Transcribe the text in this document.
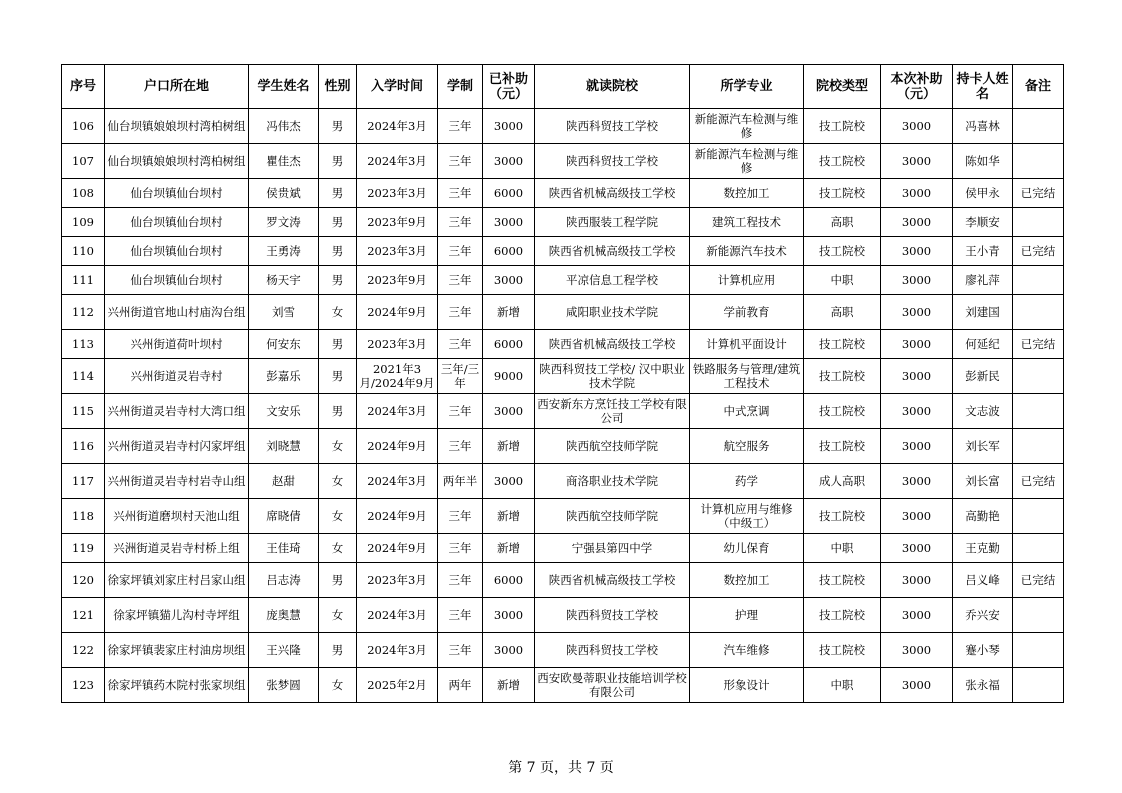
序号	户口所在地	学生姓名	性别	入学时间	学制	已补助（元）	就读院校	所学专业	院校类型	本次补助（元）	持卡人姓名	备注
106	仙台坝镇娘娘坝村湾柏树组	冯伟杰	男	2024年3月	三年	3000	陕西科贸技工学校	新能源汽车检测与维修	技工院校	3000	冯喜林	
107	仙台坝镇娘娘坝村湾柏树组	瞿佳杰	男	2024年3月	三年	3000	陕西科贸技工学校	新能源汽车检测与维修	技工院校	3000	陈如华	
108	仙台坝镇仙台坝村	侯贵斌	男	2023年3月	三年	6000	陕西省机械高级技工学校	数控加工	技工院校	3000	侯甲永	已完结
109	仙台坝镇仙台坝村	罗文涛	男	2023年9月	三年	3000	陕西服装工程学院	建筑工程技术	高职	3000	李顺安	
110	仙台坝镇仙台坝村	王勇涛	男	2023年3月	三年	6000	陕西省机械高级技工学校	新能源汽车技术	技工院校	3000	王小青	已完结
111	仙台坝镇仙台坝村	杨天宇	男	2023年9月	三年	3000	平凉信息工程学校	计算机应用	中职	3000	廖礼萍	
112	兴州街道官地山村庙沟台组	刘雪	女	2024年9月	三年	新增	咸阳职业技术学院	学前教育	高职	3000	刘建国	
113	兴州街道荷叶坝村	何安东	男	2023年3月	三年	6000	陕西省机械高级技工学校	计算机平面设计	技工院校	3000	何延纪	已完结
114	兴州街道灵岩寺村	彭嘉乐	男	2021年3月/2024年9月	三年/三年	9000	陕西科贸技工学校/ 汉中职业技术学院	铁路服务与管理/建筑工程技术	技工院校	3000	彭新民	
115	兴州街道灵岩寺村大湾口组	文安乐	男	2024年3月	三年	3000	西安新东方烹饪技工学校有限公司	中式烹调	技工院校	3000	文志波	
116	兴州街道灵岩寺村闪家坪组	刘晓慧	女	2024年9月	三年	新增	陕西航空技师学院	航空服务	技工院校	3000	刘长军	
117	兴州街道灵岩寺村岩寺山组	赵甜	女	2024年3月	两年半	3000	商洛职业技术学院	药学	成人高职	3000	刘长富	已完结
118	兴州街道磨坝村天池山组	席晓倩	女	2024年9月	三年	新增	陕西航空技师学院	计算机应用与维修（中级工）	技工院校	3000	高勤艳	
119	兴洲街道灵岩寺村桥上组	王佳琦	女	2024年9月	三年	新增	宁强县第四中学	幼儿保育	中职	3000	王克勤	
120	徐家坪镇刘家庄村吕家山组	吕志涛	男	2023年3月	三年	6000	陕西省机械高级技工学校	数控加工	技工院校	3000	吕义峰	已完结
121	徐家坪镇猫儿沟村寺坪组	庞奥慧	女	2024年3月	三年	3000	陕西科贸技工学校	护理	技工院校	3000	乔兴安	
122	徐家坪镇裴家庄村油房坝组	王兴隆	男	2024年3月	三年	3000	陕西科贸技工学校	汽车维修	技工院校	3000	蹇小琴	
123	徐家坪镇药木院村张家坝组	张梦圆	女	2025年2月	两年	新增	西安欧曼蒂职业技能培训学校有限公司	形象设计	中职	3000	张永福	
第 7 页，共 7 页
